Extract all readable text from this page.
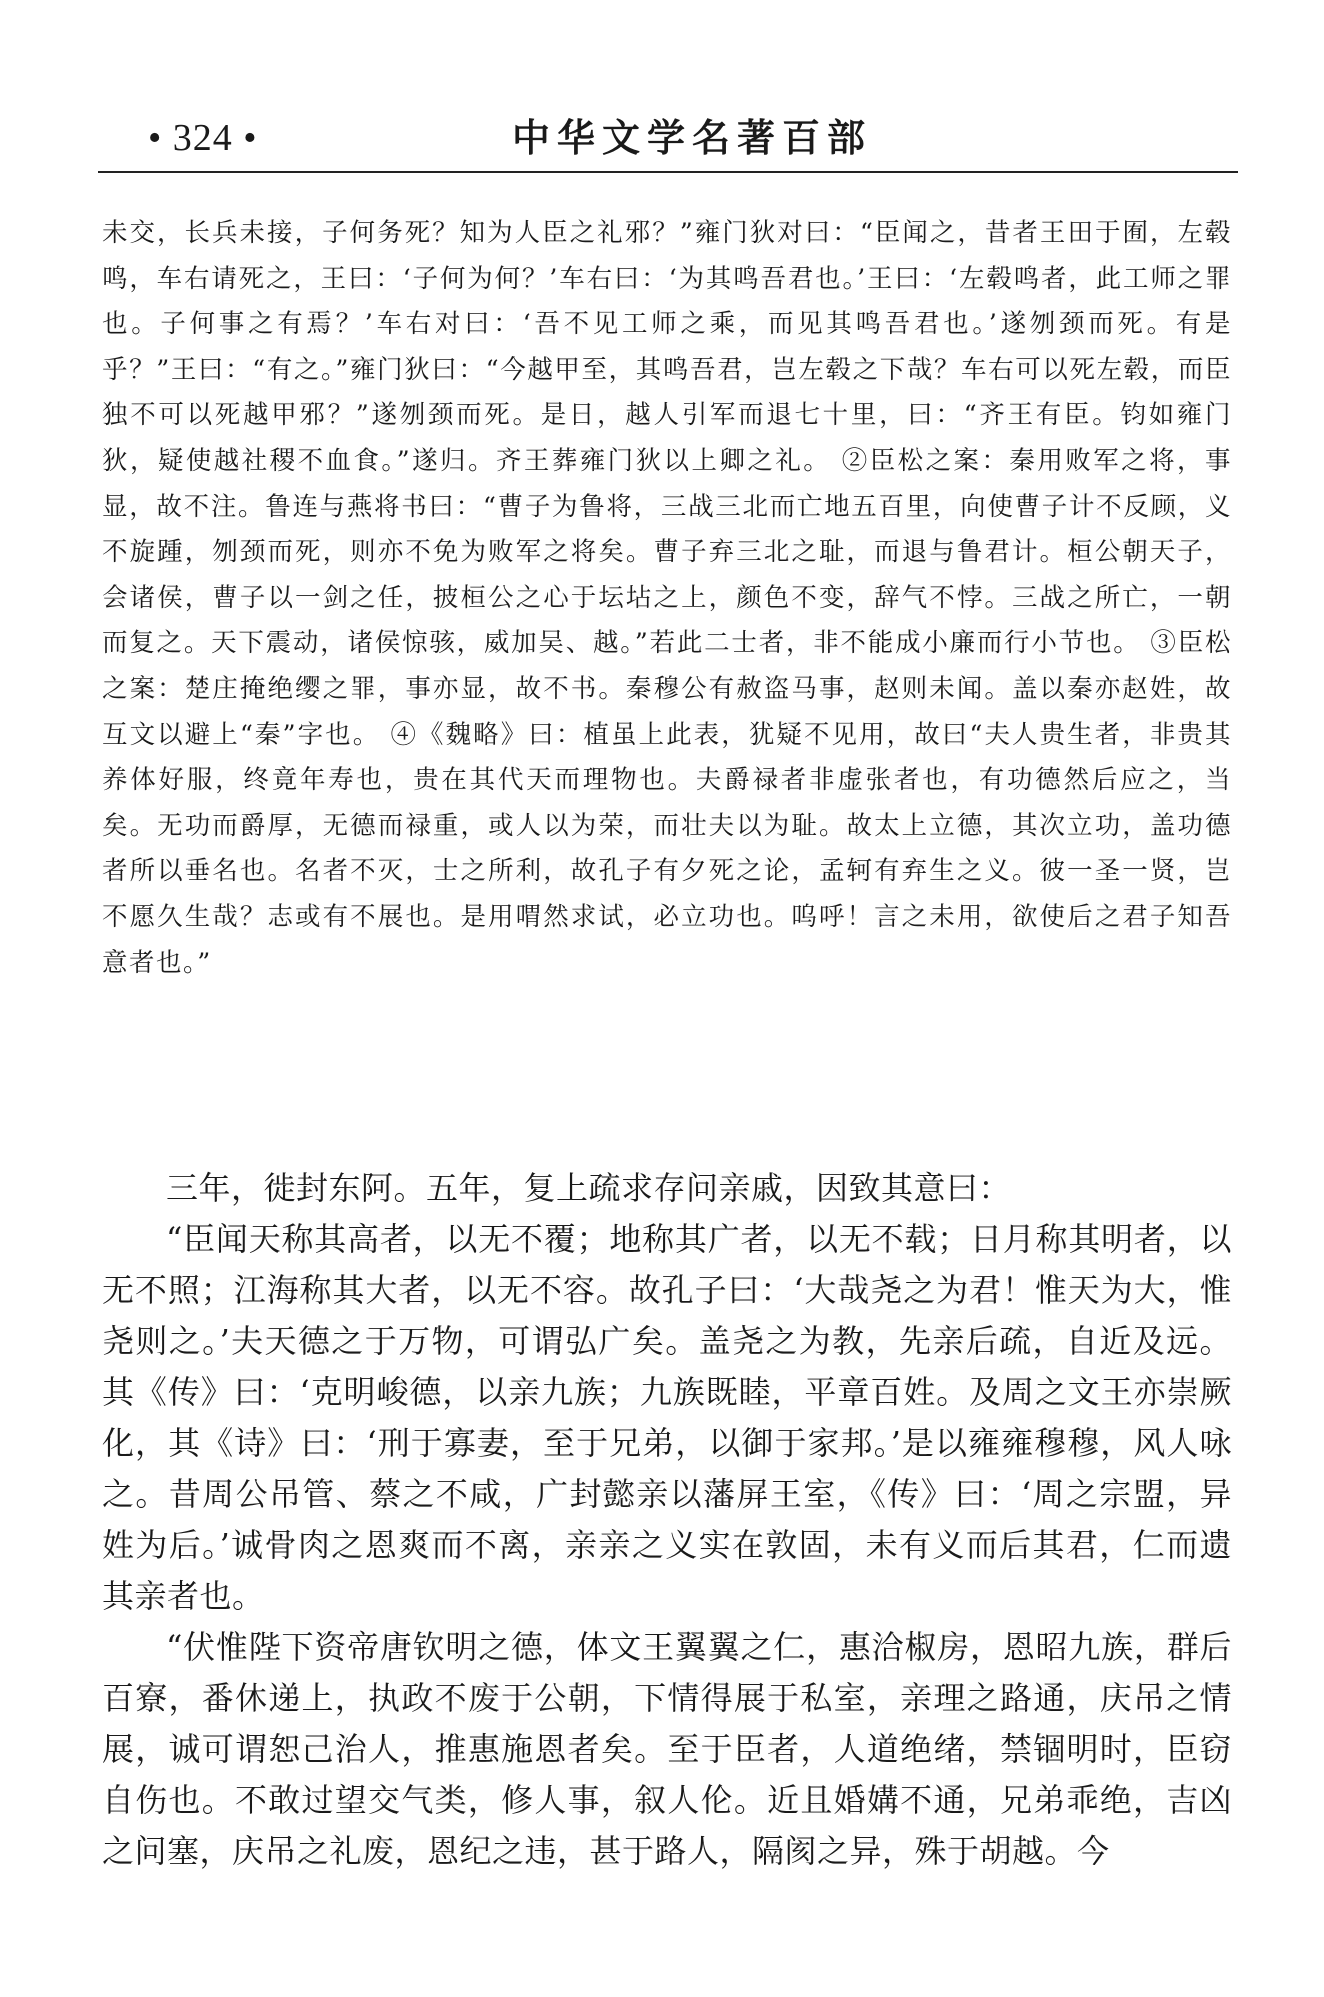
• 324 •	中华文学名著百部

未交，长兵未接，子何务死？知为人臣之礼邪？”雍门狄对曰：“臣闻之，昔者王田于囿，左毂鸣，车右请死之，王曰：‘子何为何？’车右曰：‘为其鸣吾君也。’王曰：‘左毂鸣者，此工师之罪也。子何事之有焉？’车右对曰：‘吾不见工师之乘，而见其鸣吾君也。’遂刎颈而死。有是乎？”王曰：“有之。”雍门狄曰：“今越甲至，其鸣吾君，岂左毂之下哉？车右可以死左毂，而臣独不可以死越甲邪？”遂刎颈而死。是日，越人引军而退七十里，曰：“齐王有臣。钧如雍门狄，疑使越社稷不血食。”遂归。齐王葬雍门狄以上卿之礼。 ②臣松之案：秦用败军之将，事显，故不注。鲁连与燕将书曰：“曹子为鲁将，三战三北而亡地五百里，向使曹子计不反顾，义不旋踵，刎颈而死，则亦不免为败军之将矣。曹子弃三北之耻，而退与鲁君计。桓公朝天子，会诸侯，曹子以一剑之任，披桓公之心于坛坫之上，颜色不变，辞气不悖。三战之所亡，一朝而复之。天下震动，诸侯惊骇，威加吴、越。”若此二士者，非不能成小廉而行小节也。 ③臣松之案：楚庄掩绝缨之罪，事亦显，故不书。秦穆公有赦盗马事，赵则未闻。盖以秦亦赵姓，故互文以避上“秦”字也。 ④《魏略》曰：植虽上此表，犹疑不见用，故曰“夫人贵生者，非贵其养体好服，终竟年寿也，贵在其代天而理物也。夫爵禄者非虚张者也，有功德然后应之，当矣。无功而爵厚，无德而禄重，或人以为荣，而壮夫以为耻。故太上立德，其次立功，盖功德者所以垂名也。名者不灭，士之所利，故孔子有夕死之论，孟轲有弃生之义。彼一圣一贤，岂不愿久生哉？志或有不展也。是用喟然求试，必立功也。呜呼！言之未用，欲使后之君子知吾意者也。”

三年，徙封东阿。五年，复上疏求存问亲戚，因致其意曰：

“臣闻天称其高者，以无不覆；地称其广者，以无不载；日月称其明者，以无不照；江海称其大者，以无不容。故孔子曰：‘大哉尧之为君！惟天为大，惟尧则之。’夫天德之于万物，可谓弘广矣。盖尧之为教，先亲后疏，自近及远。其《传》曰：‘克明峻德，以亲九族；九族既睦，平章百姓。及周之文王亦崇厥化，其《诗》曰：‘刑于寡妻，至于兄弟，以御于家邦。’是以雍雍穆穆，风人咏之。昔周公吊管、蔡之不咸，广封懿亲以藩屏王室，《传》曰：‘周之宗盟，异姓为后。’诚骨肉之恩爽而不离，亲亲之义实在敦固，未有义而后其君，仁而遗其亲者也。

“伏惟陛下资帝唐钦明之德，体文王翼翼之仁，惠洽椒房，恩昭九族，群后百寮，番休递上，执政不废于公朝，下情得展于私室，亲理之路通，庆吊之情展，诚可谓恕己治人，推惠施恩者矣。至于臣者，人道绝绪，禁锢明时，臣窃自伤也。不敢过望交气类，修人事，叙人伦。近且婚媾不通，兄弟乖绝，吉凶之问塞，庆吊之礼废，恩纪之违，甚于路人，隔阂之异，殊于胡越。今
